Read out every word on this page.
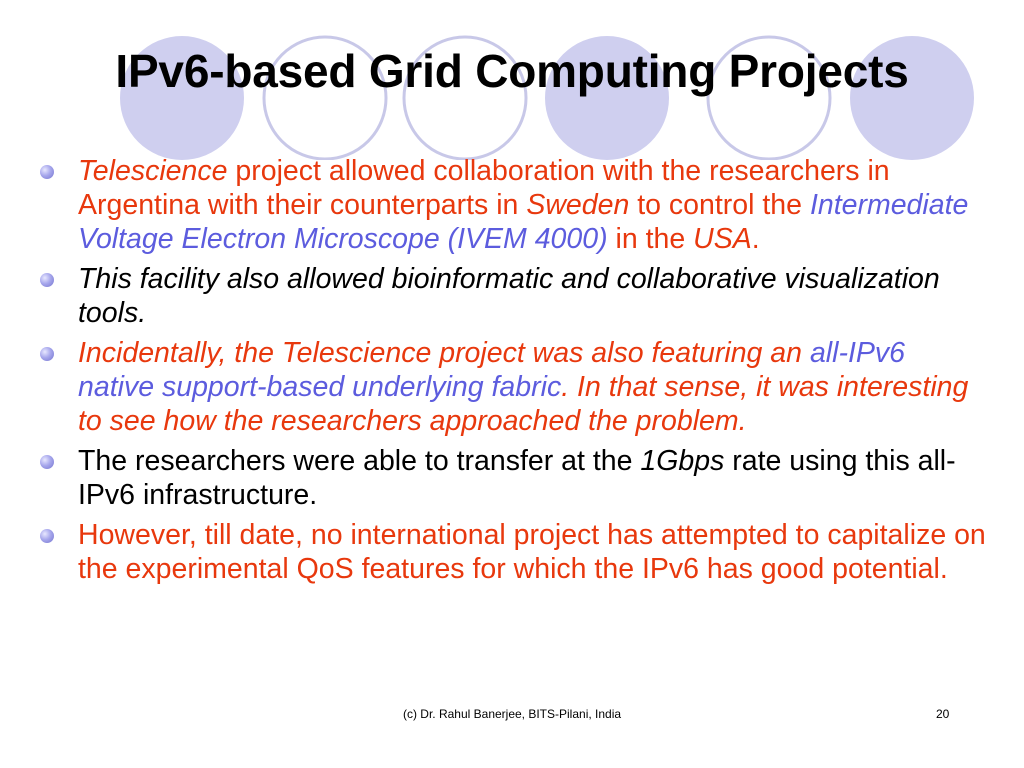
IPv6-based Grid Computing Projects
Telescience project allowed collaboration with the researchers in Argentina with their counterparts in Sweden to control the Intermediate Voltage Electron Microscope (IVEM 4000) in the USA.
This facility also allowed bioinformatic and collaborative visualization tools.
Incidentally, the Telescience project was also featuring an all-IPv6 native support-based underlying fabric. In that sense, it was interesting to see how the researchers approached the problem.
The researchers were able to transfer at the 1Gbps rate using this all-IPv6 infrastructure.
However, till date, no international project has attempted to capitalize on the experimental QoS features for which the IPv6 has good potential.
(c) Dr. Rahul Banerjee, BITS-Pilani, India	20
